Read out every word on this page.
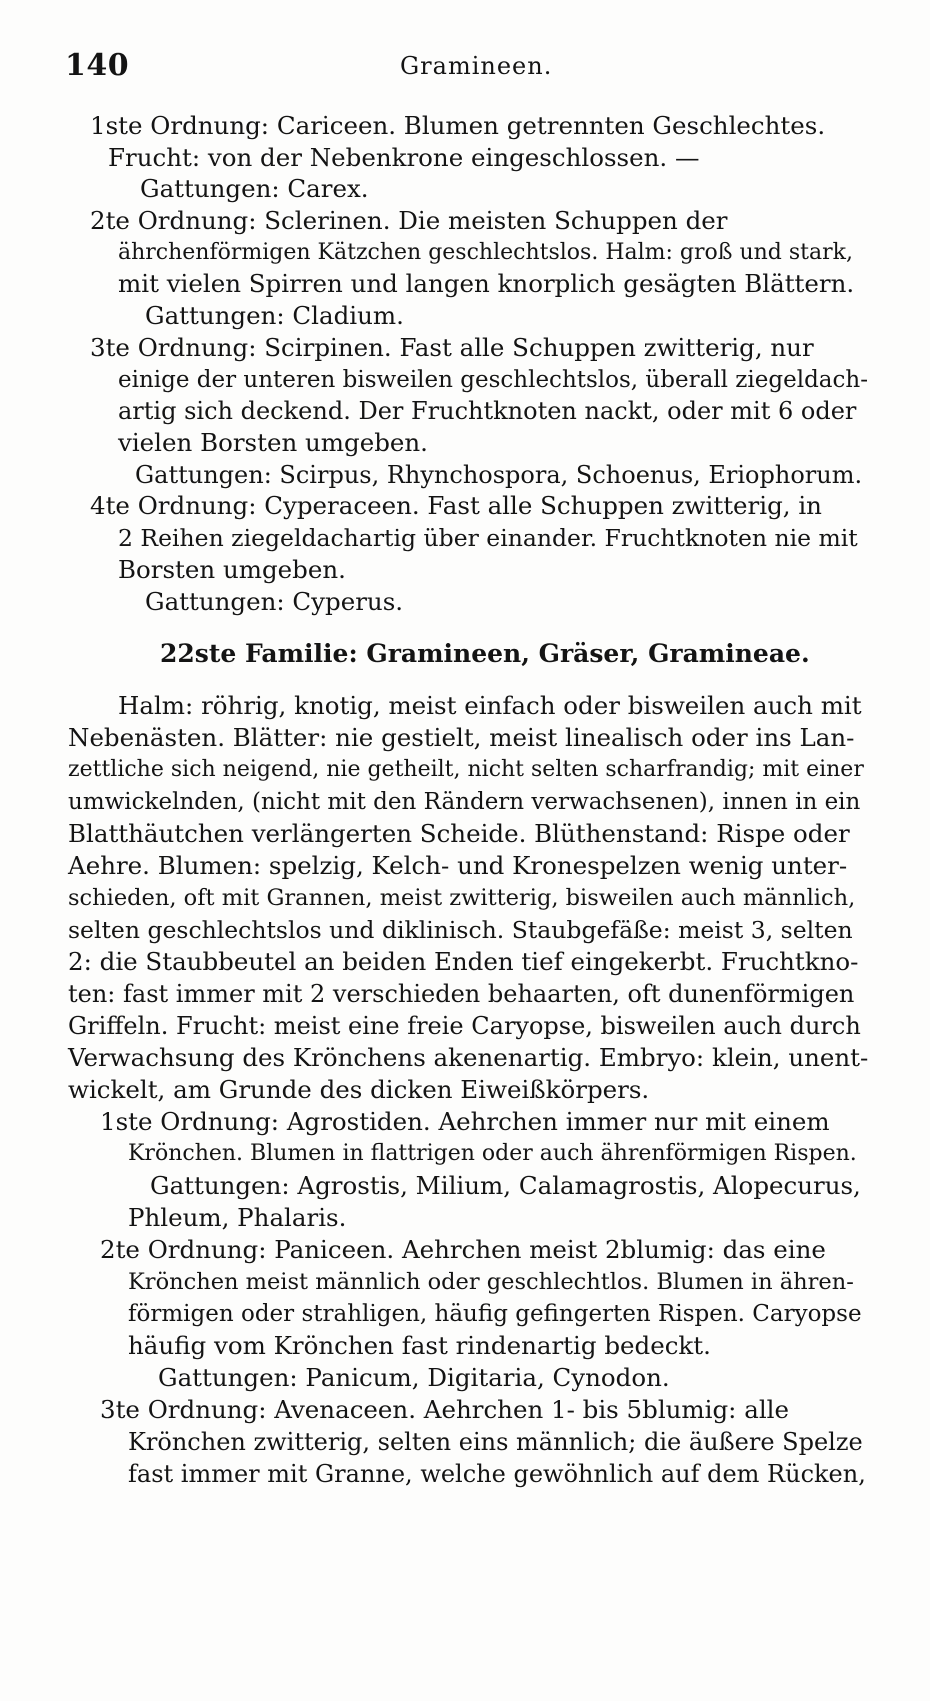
140	Gramineen.
1ste Ordnung: Cariceen. Blumen getrennten Geschlechtes.
Frucht: von der Nebenkrone eingeschlossen. —
Gattungen: Carex.
2te Ordnung: Sclerinen. Die meisten Schuppen der
ährchenförmigen Kätzchen geschlechtslos. Halm: groß und stark,
mit vielen Spirren und langen knorplich gesägten Blättern.
Gattungen: Cladium.
3te Ordnung: Scirpinen. Fast alle Schuppen zwitterig, nur
einige der unteren bisweilen geschlechtslos, überall ziegeldach-
artig sich deckend. Der Fruchtknoten nackt, oder mit 6 oder
vielen Borsten umgeben.
Gattungen: Scirpus, Rhynchospora, Schoenus, Eriophorum.
4te Ordnung: Cyperaceen. Fast alle Schuppen zwitterig, in
2 Reihen ziegeldachartig über einander. Fruchtknoten nie mit
Borsten umgeben.
Gattungen: Cyperus.
22ste Familie: Gramineen, Gräser, Gramineae.
Halm: röhrig, knotig, meist einfach oder bisweilen auch mit
Nebenästen. Blätter: nie gestielt, meist linealisch oder ins Lan-
zettliche sich neigend, nie getheilt, nicht selten scharfrandig; mit einer
umwickelnden, (nicht mit den Rändern verwachsenen), innen in ein
Blatthäutchen verlängerten Scheide. Blüthenstand: Rispe oder
Aehre. Blumen: spelzig, Kelch- und Kronespelzen wenig unter-
schieden, oft mit Grannen, meist zwitterig, bisweilen auch männlich,
selten geschlechtslos und diklinisch. Staubgefäße: meist 3, selten
2: die Staubbeutel an beiden Enden tief eingekerbt. Fruchtkno-
ten: fast immer mit 2 verschieden behaarten, oft dunenförmigen
Griffeln. Frucht: meist eine freie Caryopse, bisweilen auch durch
Verwachsung des Krönchens akenenartig. Embryo: klein, unent-
wickelt, am Grunde des dicken Eiweißkörpers.
1ste Ordnung: Agrostiden. Aehrchen immer nur mit einem
Krönchen. Blumen in flattrigen oder auch ährenförmigen Rispen.
Gattungen: Agrostis, Milium, Calamagrostis, Alopecurus,
Phleum, Phalaris.
2te Ordnung: Paniceen. Aehrchen meist 2blumig: das eine
Krönchen meist männlich oder geschlechtlos. Blumen in ähren-
förmigen oder strahligen, häufig gefingerten Rispen. Caryopse
häufig vom Krönchen fast rindenartig bedeckt.
Gattungen: Panicum, Digitaria, Cynodon.
3te Ordnung: Avenaceen. Aehrchen 1- bis 5blumig: alle
Krönchen zwitterig, selten eins männlich; die äußere Spelze
fast immer mit Granne, welche gewöhnlich auf dem Rücken,
